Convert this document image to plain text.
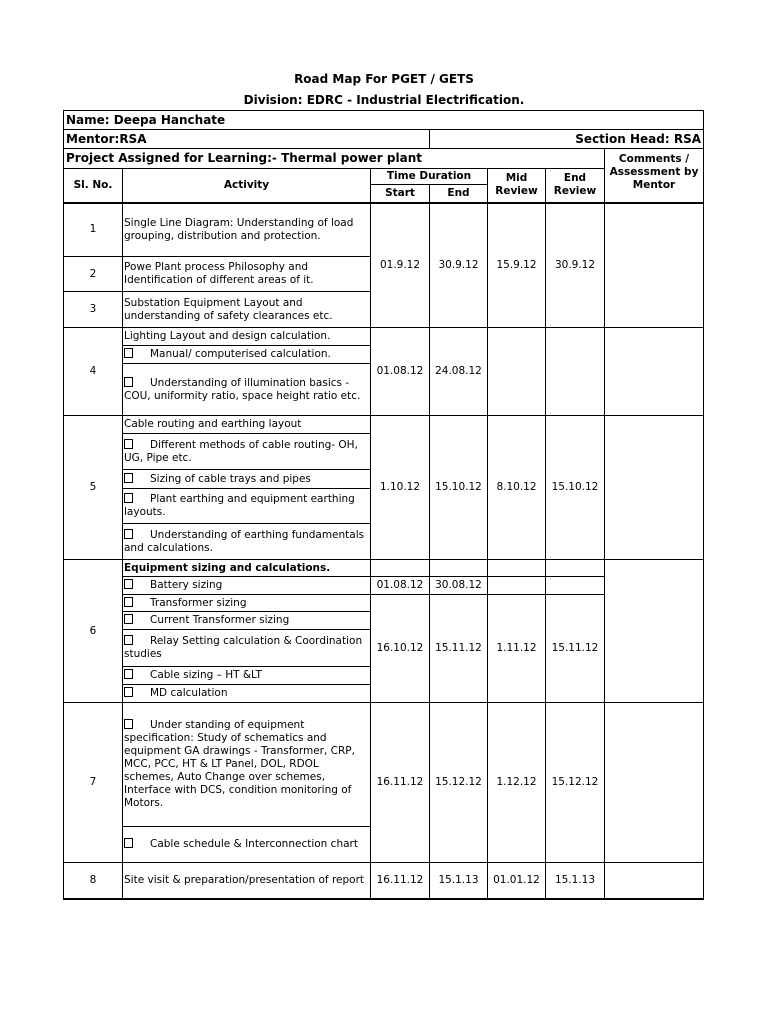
Road Map For PGET / GETS
Division: EDRC - Industrial Electrification.
Name: Deepa Hanchate						
Mentor:RSA			Section Head: RSA			
Project Assigned for Learning:- Thermal power plant						Comments / Assessment by Mentor
Sl. No.	Activity	Time Duration		Mid Review	End Review	
		Start	End			
1	Single Line Diagram: Understanding of load grouping, distribution and protection.	01.9.12	30.9.12	15.9.12	30.9.12	
2	Powe Plant process Philosophy and Identification of different areas of it.					
3	Substation Equipment Layout and understanding of safety clearances etc.					
4	Lighting Layout and design calculation.	01.08.12	24.08.12			
	Manual/ computerised calculation.					
	Understanding of illumination basics - COU, uniformity ratio, space height ratio etc.					
5	Cable routing and earthing layout	1.10.12	15.10.12	8.10.12	15.10.12	
	Different methods of cable routing- OH, UG, Pipe etc.					
	Sizing of cable trays and pipes					
	Plant earthing and equipment earthing layouts.					
	Understanding of earthing fundamentals and calculations.					
6	Equipment sizing and calculations.					
	Battery sizing	01.08.12	30.08.12			
	Transformer sizing	16.10.12	15.11.12	1.11.12	15.11.12	
	Current Transformer sizing					
	Relay Setting calculation & Coordination studies					
	Cable sizing – HT &LT					
	MD calculation					
7	Under standing of equipment specification: Study of schematics and equipment GA drawings - Transformer, CRP, MCC, PCC, HT & LT Panel, DOL, RDOL schemes, Auto Change over schemes, Interface with DCS, condition monitoring of Motors.	16.11.12	15.12.12	1.12.12	15.12.12	
	Cable schedule & Interconnection chart					
8	Site visit & preparation/presentation of report	16.11.12	15.1.13	01.01.12	15.1.13	
